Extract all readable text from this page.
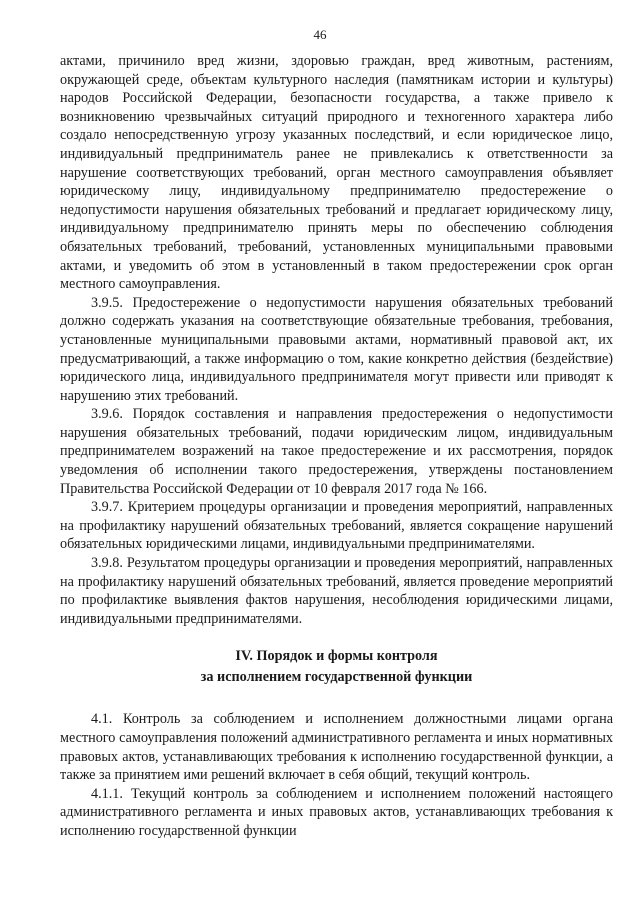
46

актами, причинило вред жизни, здоровью граждан, вред животным, растениям, окружающей среде, объектам культурного наследия (памятникам истории и культуры) народов Российской Федерации, безопасности государства, а также привело к возникновению чрезвычайных ситуаций природного и техногенного характера либо создало непосредственную угрозу указанных последствий, и если юридическое лицо, индивидуальный предприниматель ранее не привлекались к ответственности за нарушение соответствующих требований, орган местного самоуправления объявляет юридическому лицу, индивидуальному предпринимателю предостережение о недопустимости нарушения обязательных требований и предлагает юридическому лицу, индивидуальному предпринимателю принять меры по обеспечению соблюдения обязательных требований, требований, установленных муниципальными правовыми актами, и уведомить об этом в установленный в таком предостережении срок орган местного самоуправления.

3.9.5. Предостережение о недопустимости нарушения обязательных требований должно содержать указания на соответствующие обязательные требования, требования, установленные муниципальными правовыми актами, нормативный правовой акт, их предусматривающий, а также информацию о том, какие конкретно действия (бездействие) юридического лица, индивидуального предпринимателя могут привести или приводят к нарушению этих требований.

3.9.6. Порядок составления и направления предостережения о недопустимости нарушения обязательных требований, подачи юридическим лицом, индивидуальным предпринимателем возражений на такое предостережение и их рассмотрения, порядок уведомления об исполнении такого предостережения, утверждены постановлением Правительства Российской Федерации от 10 февраля 2017 года № 166.

3.9.7. Критерием процедуры организации и проведения мероприятий, направленных на профилактику нарушений обязательных требований, является сокращение нарушений обязательных юридическими лицами, индивидуальными предпринимателями.

3.9.8. Результатом процедуры организации и проведения мероприятий, направленных на профилактику нарушений обязательных требований, является проведение мероприятий по профилактике выявления фактов нарушения, несоблюдения юридическими лицами, индивидуальными предпринимателями.

IV. Порядок и формы контроля
за исполнением государственной функции

4.1. Контроль за соблюдением и исполнением должностными лицами органа местного самоуправления положений административного регламента и иных нормативных правовых актов, устанавливающих требования к исполнению государственной функции, а также за принятием ими решений включает в себя общий, текущий контроль.

4.1.1. Текущий контроль за соблюдением и исполнением положений настоящего административного регламента и иных правовых актов, устанавливающих требования к исполнению государственной функции
